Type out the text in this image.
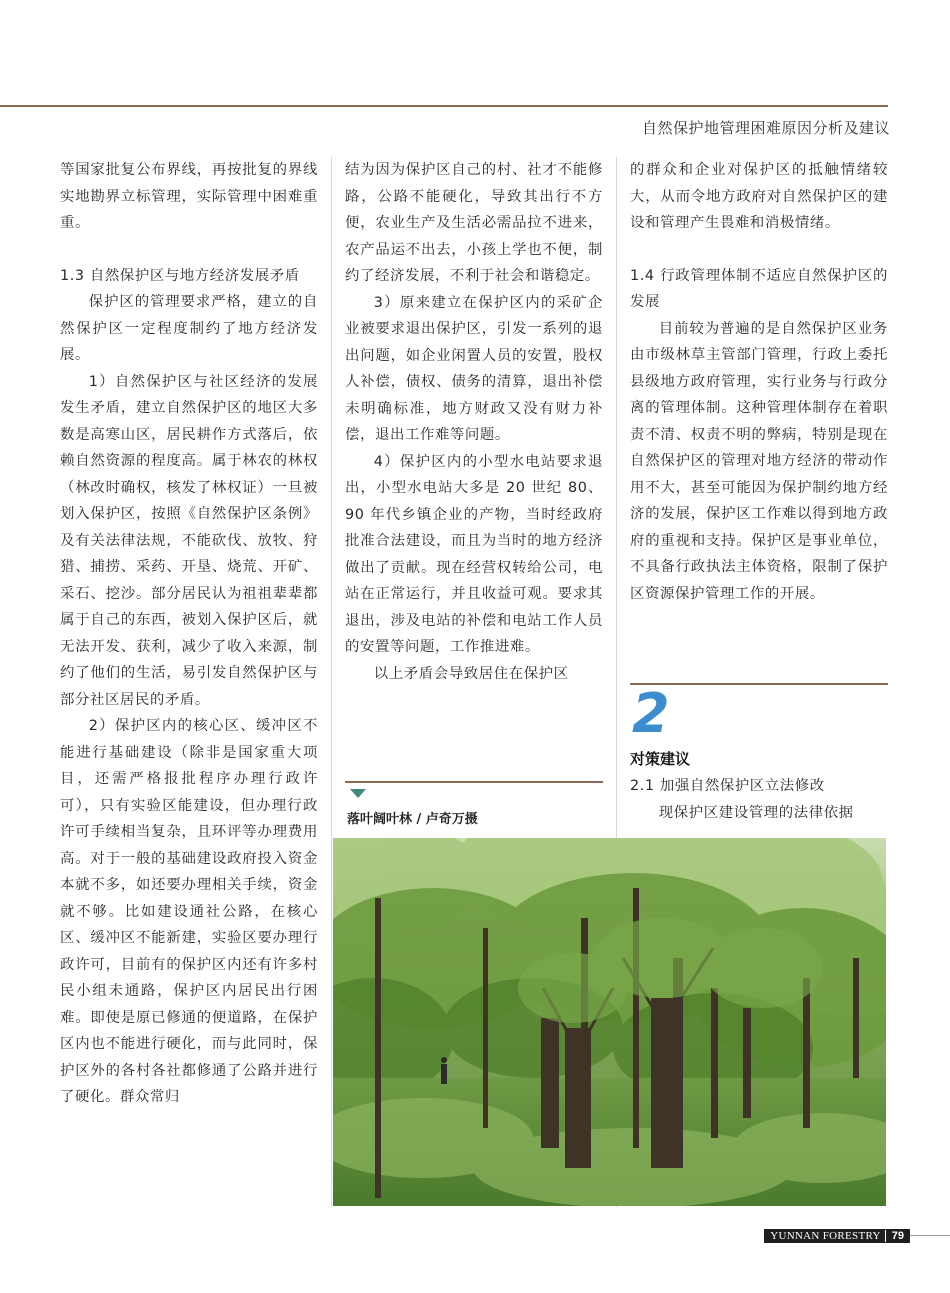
自然保护地管理困难原因分析及建议

等国家批复公布界线，再按批复的界线实地勘界立标管理，实际管理中困难重重。

1.3 自然保护区与地方经济发展矛盾

保护区的管理要求严格，建立的自然保护区一定程度制约了地方经济发展。

1）自然保护区与社区经济的发展发生矛盾，建立自然保护区的地区大多数是高寒山区，居民耕作方式落后，依赖自然资源的程度高。属于林农的林权（林改时确权，核发了林权证）一旦被划入保护区，按照《自然保护区条例》及有关法律法规，不能砍伐、放牧、狩猎、捕捞、采药、开垦、烧荒、开矿、采石、挖沙。部分居民认为祖祖辈辈都属于自己的东西，被划入保护区后，就无法开发、获利，减少了收入来源，制约了他们的生活，易引发自然保护区与部分社区居民的矛盾。

2）保护区内的核心区、缓冲区不能进行基础建设（除非是国家重大项目，还需严格报批程序办理行政许可），只有实验区能建设，但办理行政许可手续相当复杂，且环评等办理费用高。对于一般的基础建设政府投入资金本就不多，如还要办理相关手续，资金就不够。比如建设通社公路，在核心区、缓冲区不能新建，实验区要办理行政许可，目前有的保护区内还有许多村民小组未通路，保护区内居民出行困难。即使是原已修通的便道路，在保护区内也不能进行硬化，而与此同时，保护区外的各村各社都修通了公路并进行了硬化。群众常归

结为因为保护区自己的村、社才不能修路，公路不能硬化，导致其出行不方便，农业生产及生活必需品拉不进来，农产品运不出去，小孩上学也不便，制约了经济发展，不利于社会和谐稳定。

3）原来建立在保护区内的采矿企业被要求退出保护区，引发一系列的退出问题，如企业闲置人员的安置，股权人补偿，债权、债务的清算，退出补偿未明确标准，地方财政又没有财力补偿，退出工作难等问题。

4）保护区内的小型水电站要求退出，小型水电站大多是 20 世纪 80、90 年代乡镇企业的产物，当时经政府批准合法建设，而且为当时的地方经济做出了贡献。现在经营权转给公司，电站在正常运行，并且收益可观。要求其退出，涉及电站的补偿和电站工作人员的安置等问题，工作推进难。

以上矛盾会导致居住在保护区

的群众和企业对保护区的抵触情绪较大，从而令地方政府对自然保护区的建设和管理产生畏难和消极情绪。

1.4 行政管理体制不适应自然保护区的发展

目前较为普遍的是自然保护区业务由市级林草主管部门管理，行政上委托县级地方政府管理，实行业务与行政分离的管理体制。这种管理体制存在着职责不清、权责不明的弊病，特别是现在自然保护区的管理对地方经济的带动作用不大，甚至可能因为保护制约地方经济的发展，保护区工作难以得到地方政府的重视和支持。保护区是事业单位，不具备行政执法主体资格，限制了保护区资源保护管理工作的开展。

落叶阔叶林 / 卢奇万摄
2
对策建议

2.1 加强自然保护区立法修改

现保护区建设管理的法律依据

YUNNAN FORESTRY	79
